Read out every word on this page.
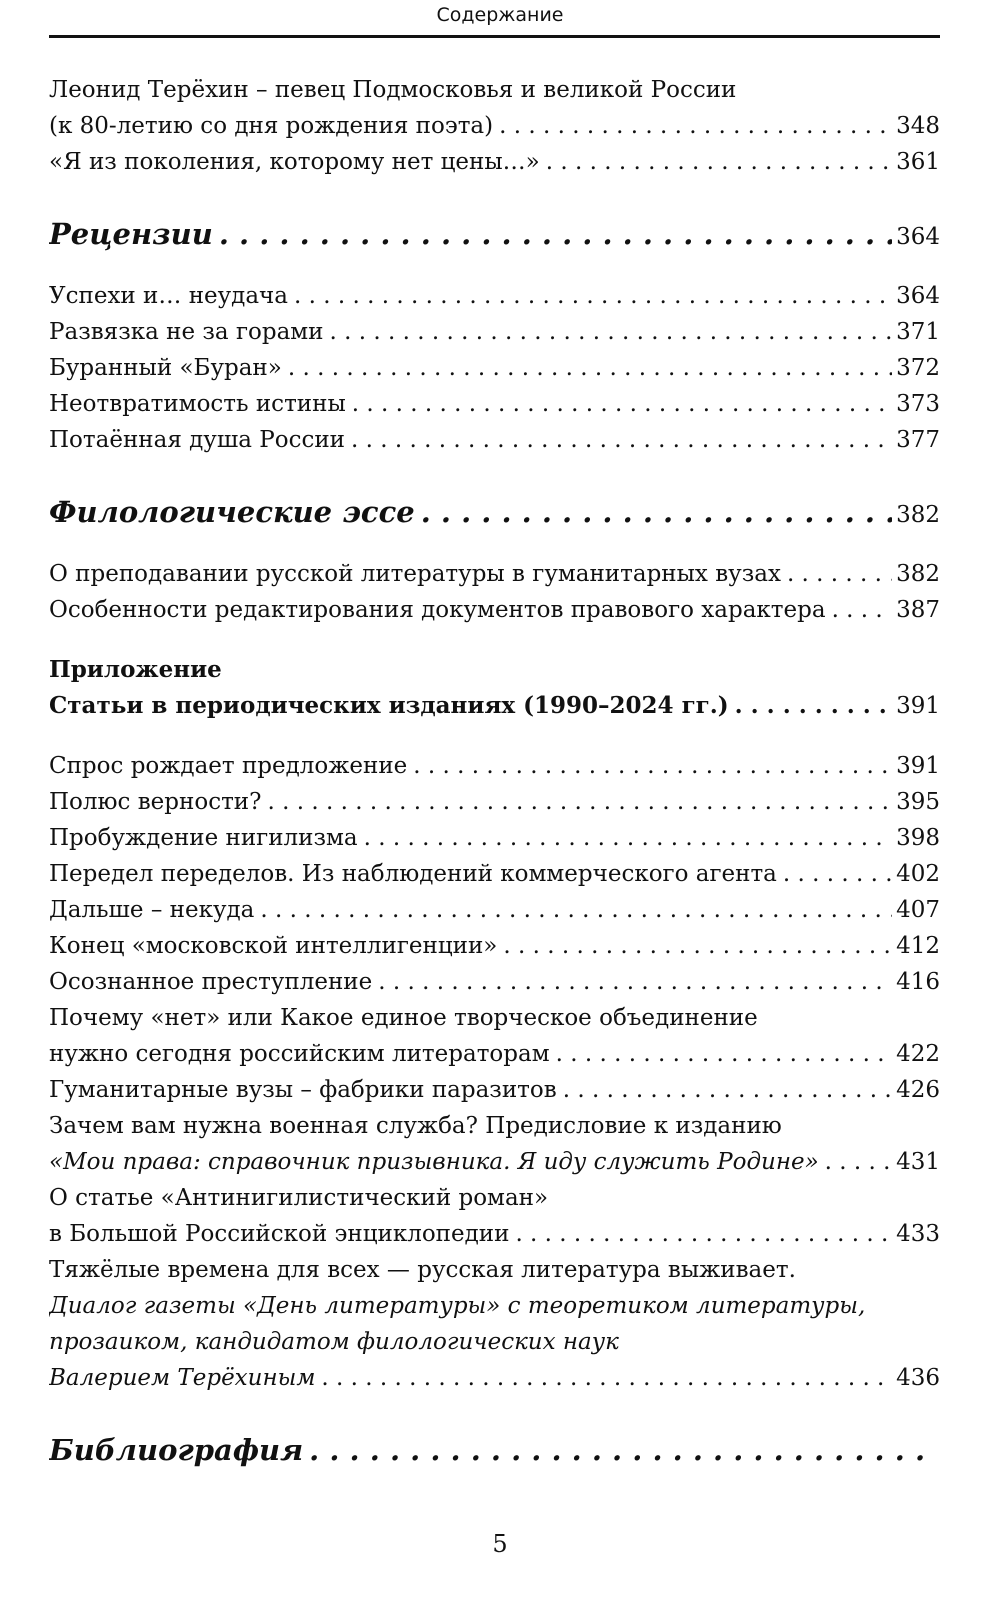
Содержание
Леонид Терёхин – певец Подмосковья и великой России
(к 80-летию со дня рождения поэта) . . .	348
«Я из поколения, которому нет цены…» . . .	361
Рецензии . . .	364
Успехи и… неудача . . .	364
Развязка не за горами . . .	371
Буранный «Буран» . . .	372
Неотвратимость истины . . .	373
Потаённая душа России . . .	377
Филологические эссе . . .	382
О преподавании русской литературы в гуманитарных вузах . . .	382
Особенности редактирования документов правового характера . . .	387
Приложение
Статьи в периодических изданиях (1990–2024 гг.) . . .	391
Спрос рождает предложение . . .	391
Полюс верности? . . .	395
Пробуждение нигилизма . . .	398
Передел переделов. Из наблюдений коммерческого агента . . .	402
Дальше – некуда . . .	407
Конец «московской интеллигенции» . . .	412
Осознанное преступление . . .	416
Почему «нет» или Какое единое творческое объединение
нужно сегодня российским литераторам . . .	422
Гуманитарные вузы – фабрики паразитов . . .	426
Зачем вам нужна военная служба? Предисловие к изданию
«Мои права: справочник призывника. Я иду служить Родине» . . .	431
О статье «Антинигилистический роман»
в Большой Российской энциклопедии . . .	433
Тяжёлые времена для всех — русская литература выживает.
Диалог газеты «День литературы» с теоретиком литературы,
прозаиком, кандидатом филологических наук
Валерием Терёхиным . . .	436
Библиография
. . .
5
